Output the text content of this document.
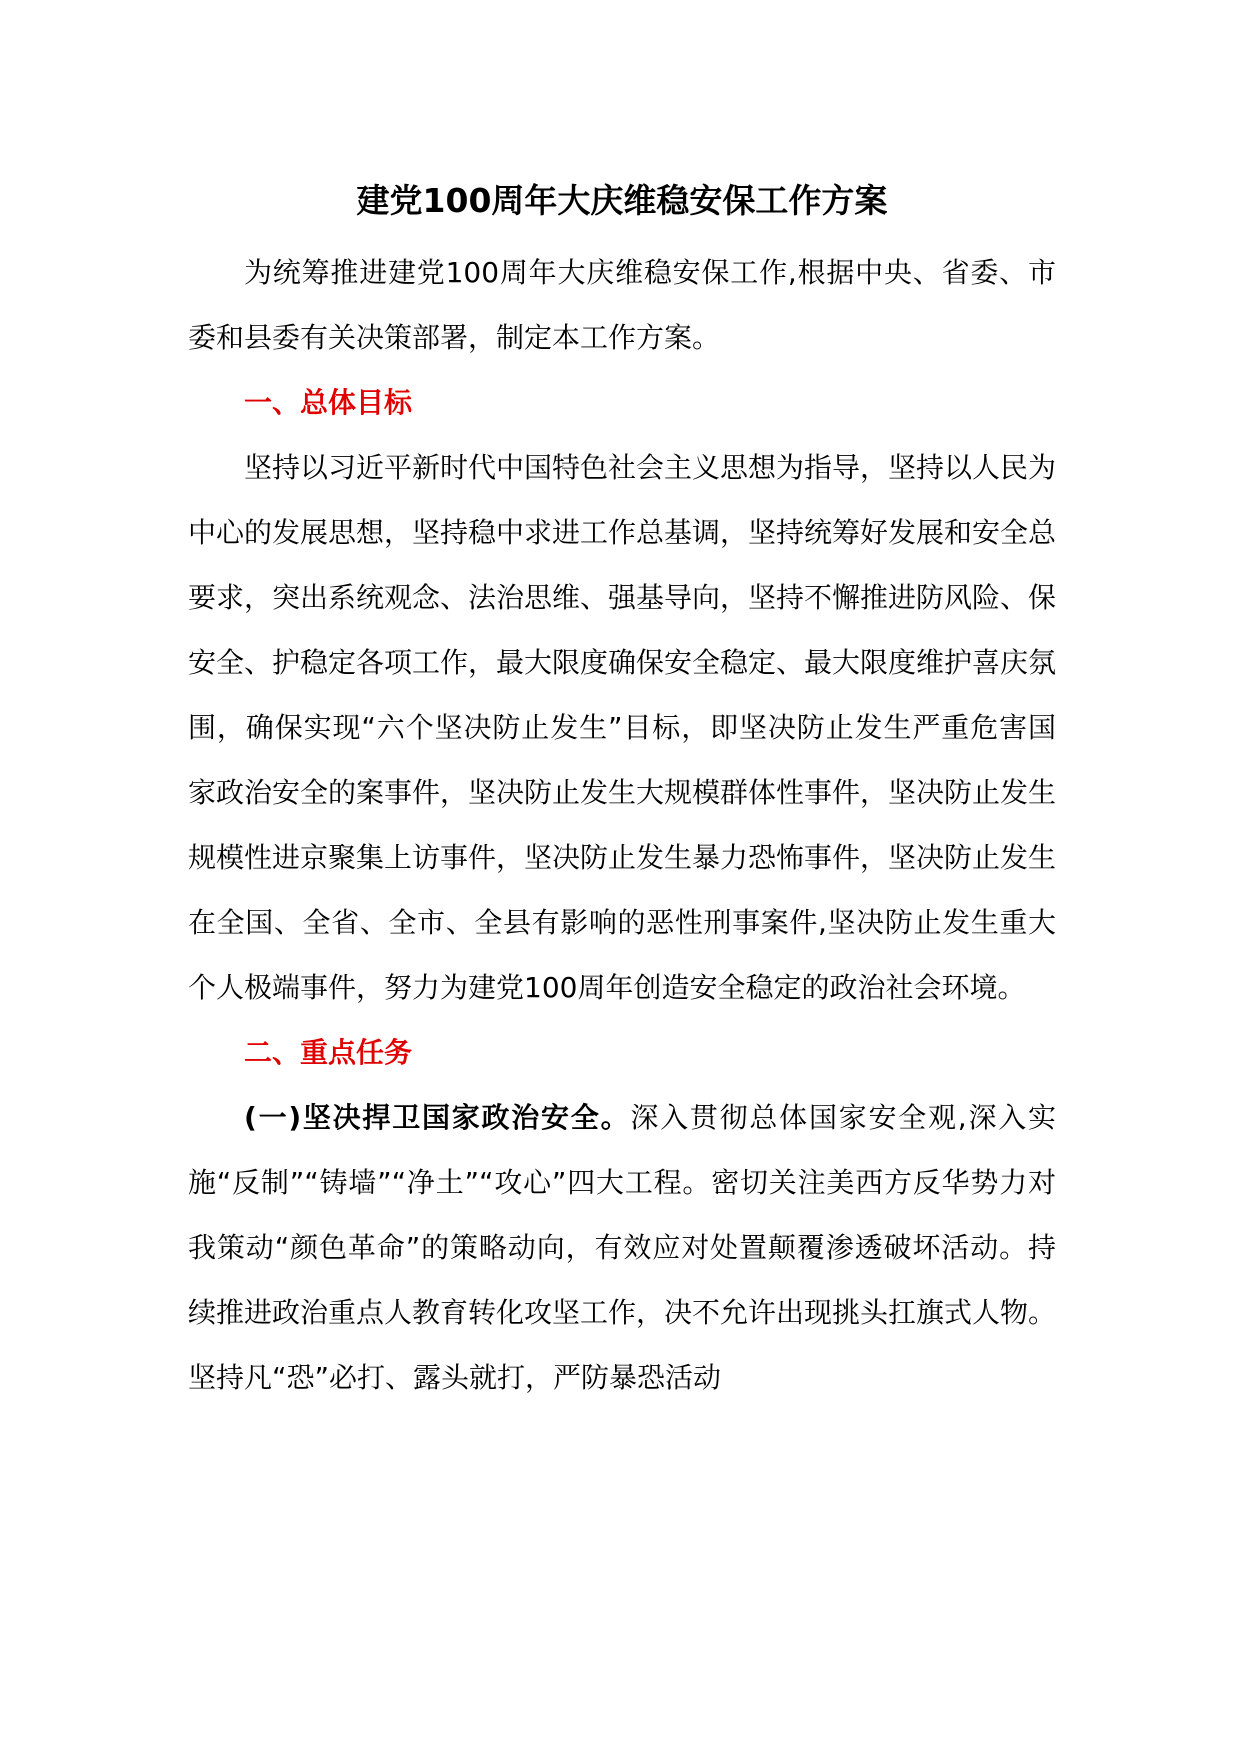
建党100周年大庆维稳安保工作方案

为统筹推进建党100周年大庆维稳安保工作,根据中央、省委、市委和县委有关决策部署，制定本工作方案。

一、总体目标

坚持以习近平新时代中国特色社会主义思想为指导，坚持以人民为中心的发展思想，坚持稳中求进工作总基调，坚持统筹好发展和安全总要求，突出系统观念、法治思维、强基导向，坚持不懈推进防风险、保安全、护稳定各项工作，最大限度确保安全稳定、最大限度维护喜庆氛围，确保实现“六个坚决防止发生”目标，即坚决防止发生严重危害国家政治安全的案事件，坚决防止发生大规模群体性事件，坚决防止发生规模性进京聚集上访事件，坚决防止发生暴力恐怖事件，坚决防止发生在全国、全省、全市、全县有影响的恶性刑事案件,坚决防止发生重大个人极端事件，努力为建党100周年创造安全稳定的政治社会环境。

二、重点任务

(一)坚决捍卫国家政治安全。深入贯彻总体国家安全观,深入实施“反制”“铸墙”“净土”“攻心”四大工程。密切关注美西方反华势力对我策动“颜色革命”的策略动向，有效应对处置颠覆渗透破坏活动。持续推进政治重点人教育转化攻坚工作，决不允许出现挑头扛旗式人物。坚持凡“恐”必打、露头就打，严防暴恐活动
